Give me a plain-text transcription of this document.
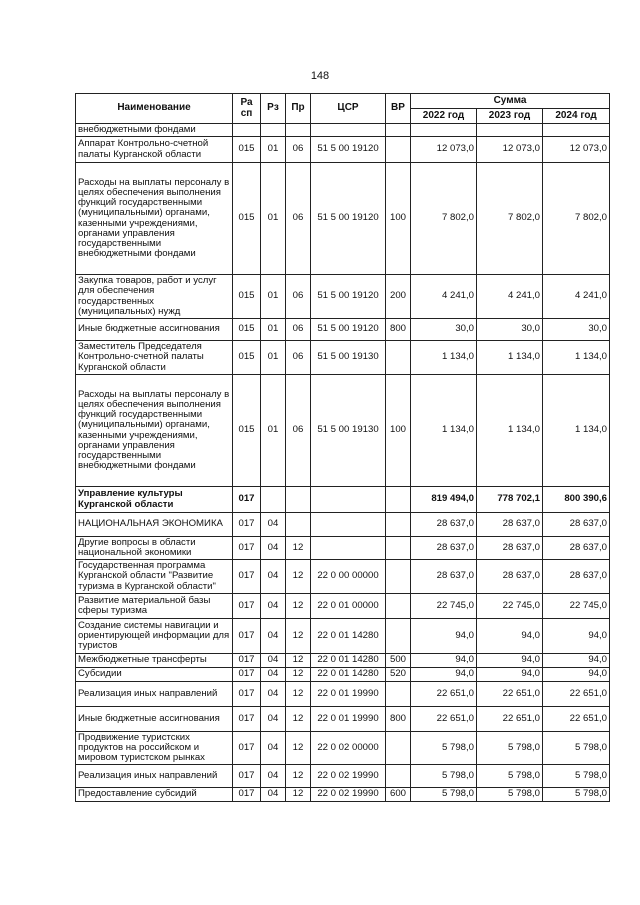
148
Наименование	Ра
сп	Рз	Пр	ЦСР	ВР	Сумма		
						2022 год	2023 год	2024 год
внебюджетными фондами								
Аппарат Контрольно-счетной палаты Курганской области	015	01	06	51 5 00 19120		12 073,0	12 073,0	12 073,0
Расходы на выплаты персоналу в целях обеспечения выполнения функций государственными (муниципальными) органами, казенными учреждениями, органами управления государственными внебюджетными фондами	015	01	06	51 5 00 19120	100	7 802,0	7 802,0	7 802,0
Закупка товаров, работ и услуг для обеспечения государственных (муниципальных) нужд	015	01	06	51 5 00 19120	200	4 241,0	4 241,0	4 241,0
Иные бюджетные ассигнования	015	01	06	51 5 00 19120	800	30,0	30,0	30,0
Заместитель Председателя Контрольно-счетной палаты Курганской области	015	01	06	51 5 00 19130		1 134,0	1 134,0	1 134,0
Расходы на выплаты персоналу в целях обеспечения выполнения функций государственными (муниципальными) органами, казенными учреждениями, органами управления государственными внебюджетными фондами	015	01	06	51 5 00 19130	100	1 134,0	1 134,0	1 134,0
Управление культуры Курганской области	017					819 494,0	778 702,1	800 390,6
НАЦИОНАЛЬНАЯ ЭКОНОМИКА	017	04				28 637,0	28 637,0	28 637,0
Другие вопросы в области национальной экономики	017	04	12			28 637,0	28 637,0	28 637,0
Государственная программа Курганской области "Развитие туризма в Курганской области"	017	04	12	22 0 00 00000		28 637,0	28 637,0	28 637,0
Развитие материальной базы сферы туризма	017	04	12	22 0 01 00000		22 745,0	22 745,0	22 745,0
Создание системы навигации и ориентирующей информации для туристов	017	04	12	22 0 01 14280		94,0	94,0	94,0
Межбюджетные трансферты	017	04	12	22 0 01 14280	500	94,0	94,0	94,0
Субсидии	017	04	12	22 0 01 14280	520	94,0	94,0	94,0
Реализация иных направлений	017	04	12	22 0 01 19990		22 651,0	22 651,0	22 651,0
Иные бюджетные ассигнования	017	04	12	22 0 01 19990	800	22 651,0	22 651,0	22 651,0
Продвижение туристских продуктов на российском и мировом туристском рынках	017	04	12	22 0 02 00000		5 798,0	5 798,0	5 798,0
Реализация иных направлений	017	04	12	22 0 02 19990		5 798,0	5 798,0	5 798,0
Предоставление субсидий	017	04	12	22 0 02 19990	600	5 798,0	5 798,0	5 798,0
